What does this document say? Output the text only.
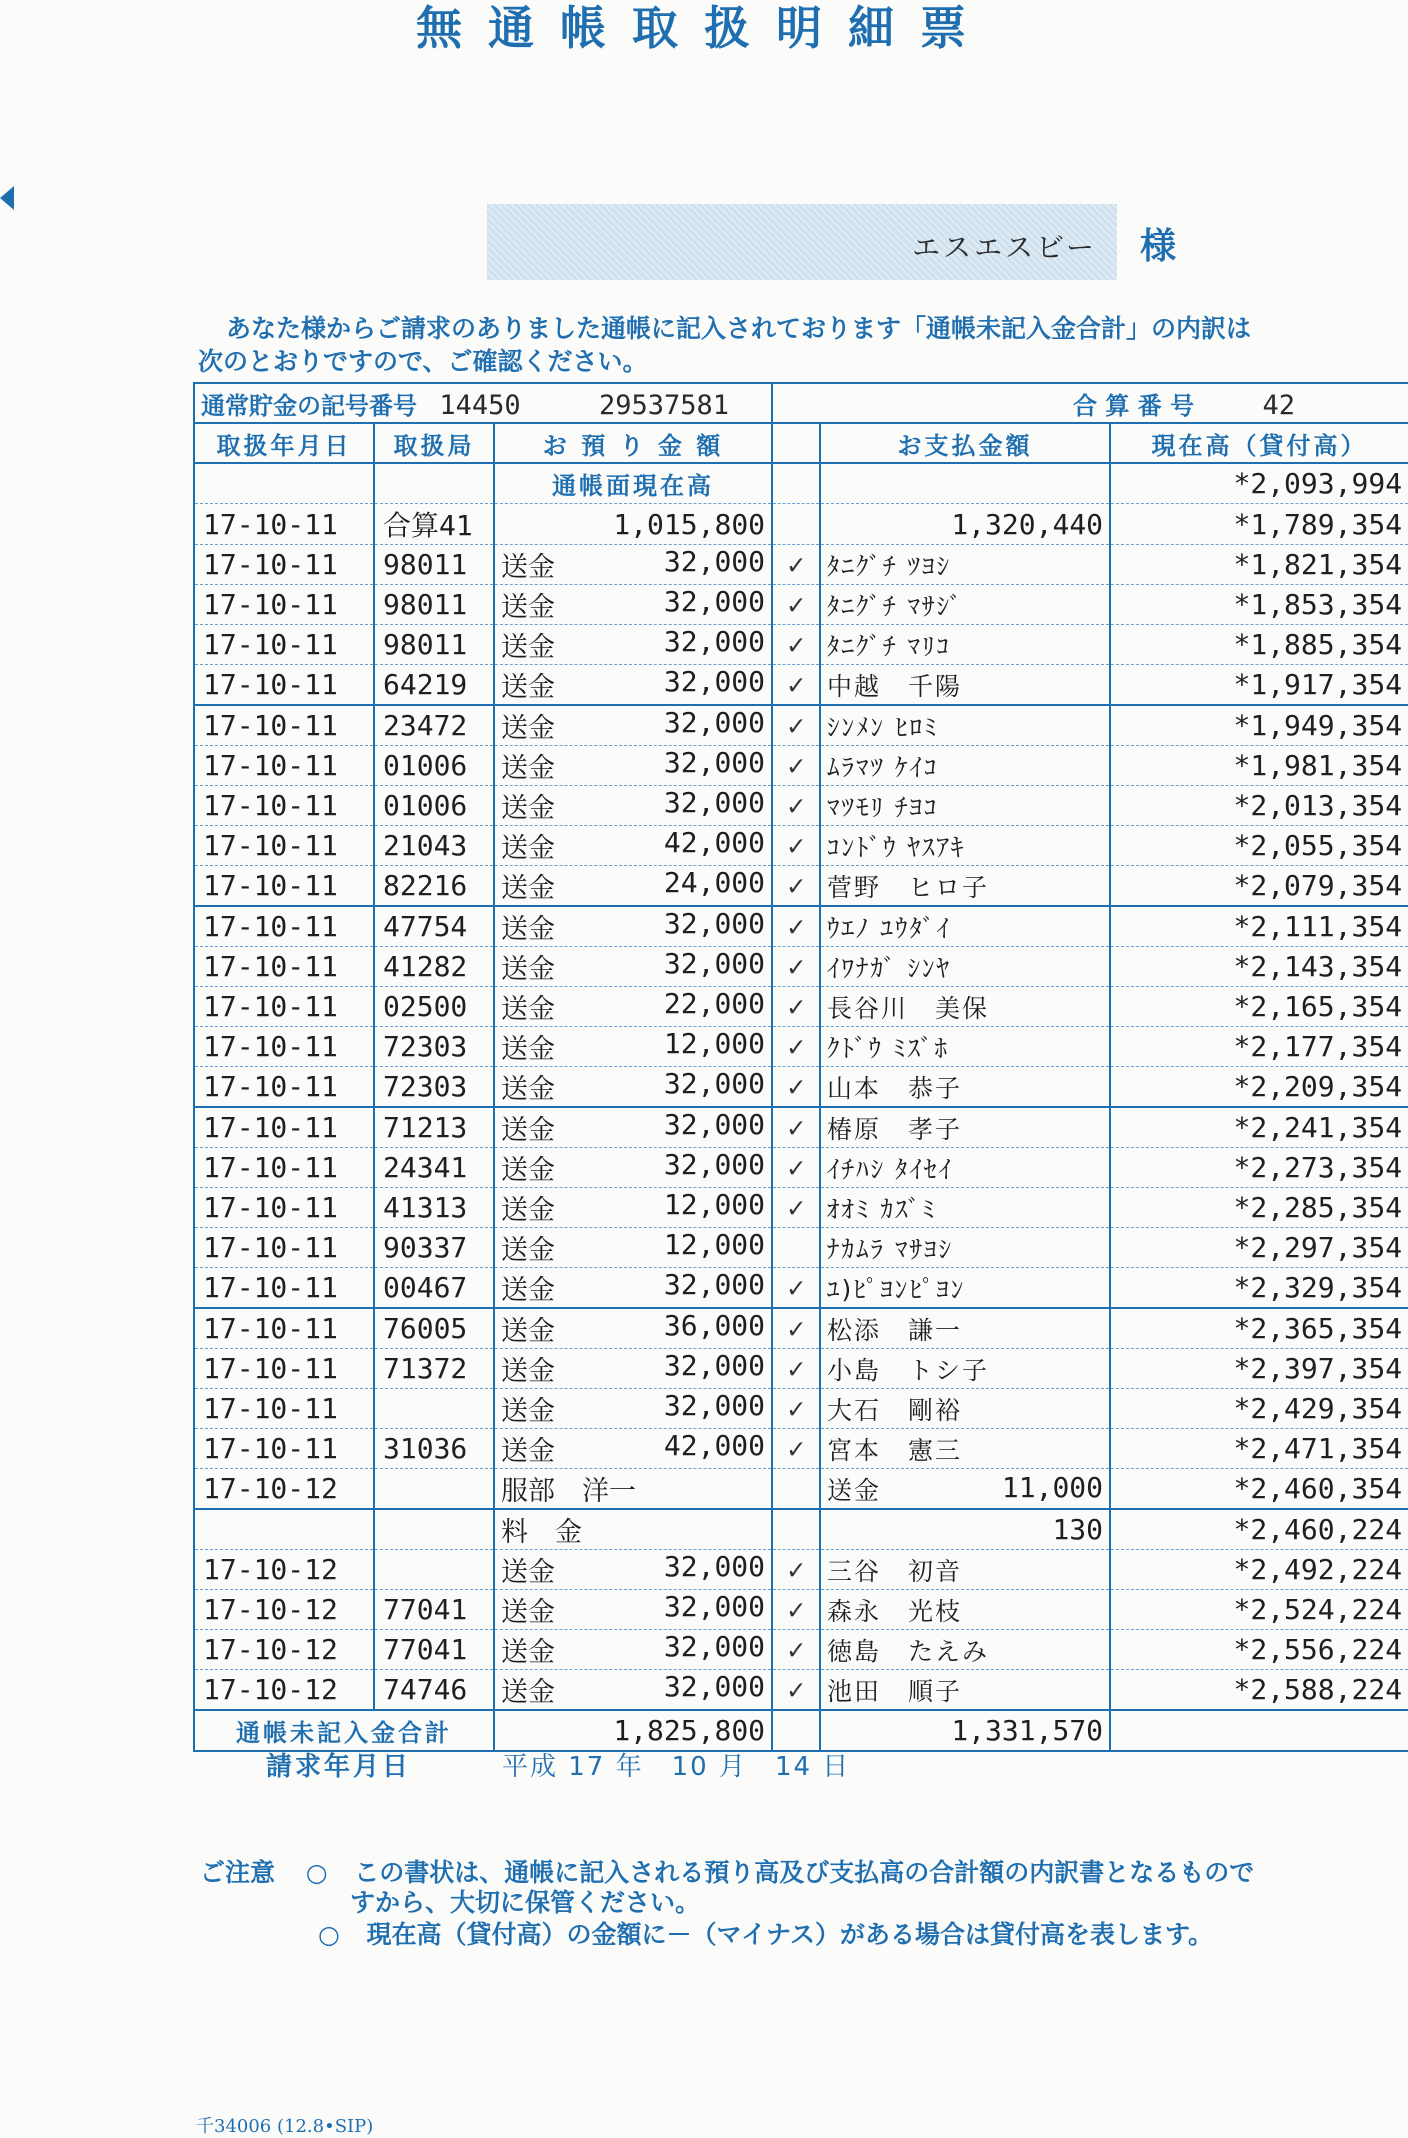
無通帳取扱明細票
エスエスビー 様
あなた様からご請求のありました通帳に記入されております「通帳未記入金合計」の内訳は
次のとおりですので、ご確認ください。
通常貯金の記号番号 14450 29537581			合 算 番 号 42		
取扱年月日	取扱局	お 預 り 金 額		お支払金額	現在高（貸付高）
		通帳面現在高			*2,093,994
17-10-11	合算41	1,015,800		1,320,440	*1,789,354
17-10-11	98011	送金 32,000	✓	ﾀﾆｸﾞﾁ ﾂﾖｼ	*1,821,354
17-10-11	98011	送金 32,000	✓	ﾀﾆｸﾞﾁ ﾏｻｼﾞ	*1,853,354
17-10-11	98011	送金 32,000	✓	ﾀﾆｸﾞﾁ ﾏﾘｺ	*1,885,354
17-10-11	64219	送金 32,000	✓	中越　千陽	*1,917,354
17-10-11	23472	送金 32,000	✓	ｼﾝﾒﾝ ﾋﾛﾐ	*1,949,354
17-10-11	01006	送金 32,000	✓	ﾑﾗﾏﾂ ｹｲｺ	*1,981,354
17-10-11	01006	送金 32,000	✓	ﾏﾂﾓﾘ ﾁﾖｺ	*2,013,354
17-10-11	21043	送金 42,000	✓	ｺﾝﾄﾞｳ ﾔｽｱｷ	*2,055,354
17-10-11	82216	送金 24,000	✓	菅野　ヒロ子	*2,079,354
17-10-11	47754	送金 32,000	✓	ｳｴﾉ ﾕｳﾀﾞｲ	*2,111,354
17-10-11	41282	送金 32,000	✓	ｲﾜﾅｶﾞ ｼﾝﾔ	*2,143,354
17-10-11	02500	送金 22,000	✓	長谷川　美保	*2,165,354
17-10-11	72303	送金 12,000	✓	ｸﾄﾞｳ ﾐｽﾞﾎ	*2,177,354
17-10-11	72303	送金 32,000	✓	山本　恭子	*2,209,354
17-10-11	71213	送金 32,000	✓	椿原　孝子	*2,241,354
17-10-11	24341	送金 32,000	✓	ｲﾁﾊｼ ﾀｲｾｲ	*2,273,354
17-10-11	41313	送金 12,000	✓	ｵｵﾐ ｶｽﾞﾐ	*2,285,354
17-10-11	90337	送金 12,000		ﾅｶﾑﾗ ﾏｻﾖｼ	*2,297,354
17-10-11	00467	送金 32,000	✓	ﾕ)ﾋﾟﾖﾝﾋﾟﾖﾝ	*2,329,354
17-10-11	76005	送金 36,000	✓	松添　謙一	*2,365,354
17-10-11	71372	送金 32,000	✓	小島　トシ子	*2,397,354
17-10-11		送金 32,000	✓	大石　剛裕	*2,429,354
17-10-11	31036	送金 42,000	✓	宮本　憲三	*2,471,354
17-10-12		服部　洋一		送金 11,000	*2,460,354

		料　金		130	*2,460,224
17-10-12		送金 32,000	✓	三谷　初音	*2,492,224
17-10-12	77041	送金 32,000	✓	森永　光枝	*2,524,224
17-10-12	77041	送金 32,000	✓	徳島　たえみ	*2,556,224
17-10-12	74746	送金 32,000	✓	池田　順子	*2,588,224
通帳未記入金合計		1,825,800		1,331,570	
請求年月日	平成 17 年　10 月　14 日
ご注意 ○ この書状は、通帳に記入される預り高及び支払高の合計額の内訳書となるもので
すから、大切に保管ください。
○ 現在高（貸付高）の金額に－（マイナス）がある場合は貸付高を表します。
千34006 (12.8•SIP)
